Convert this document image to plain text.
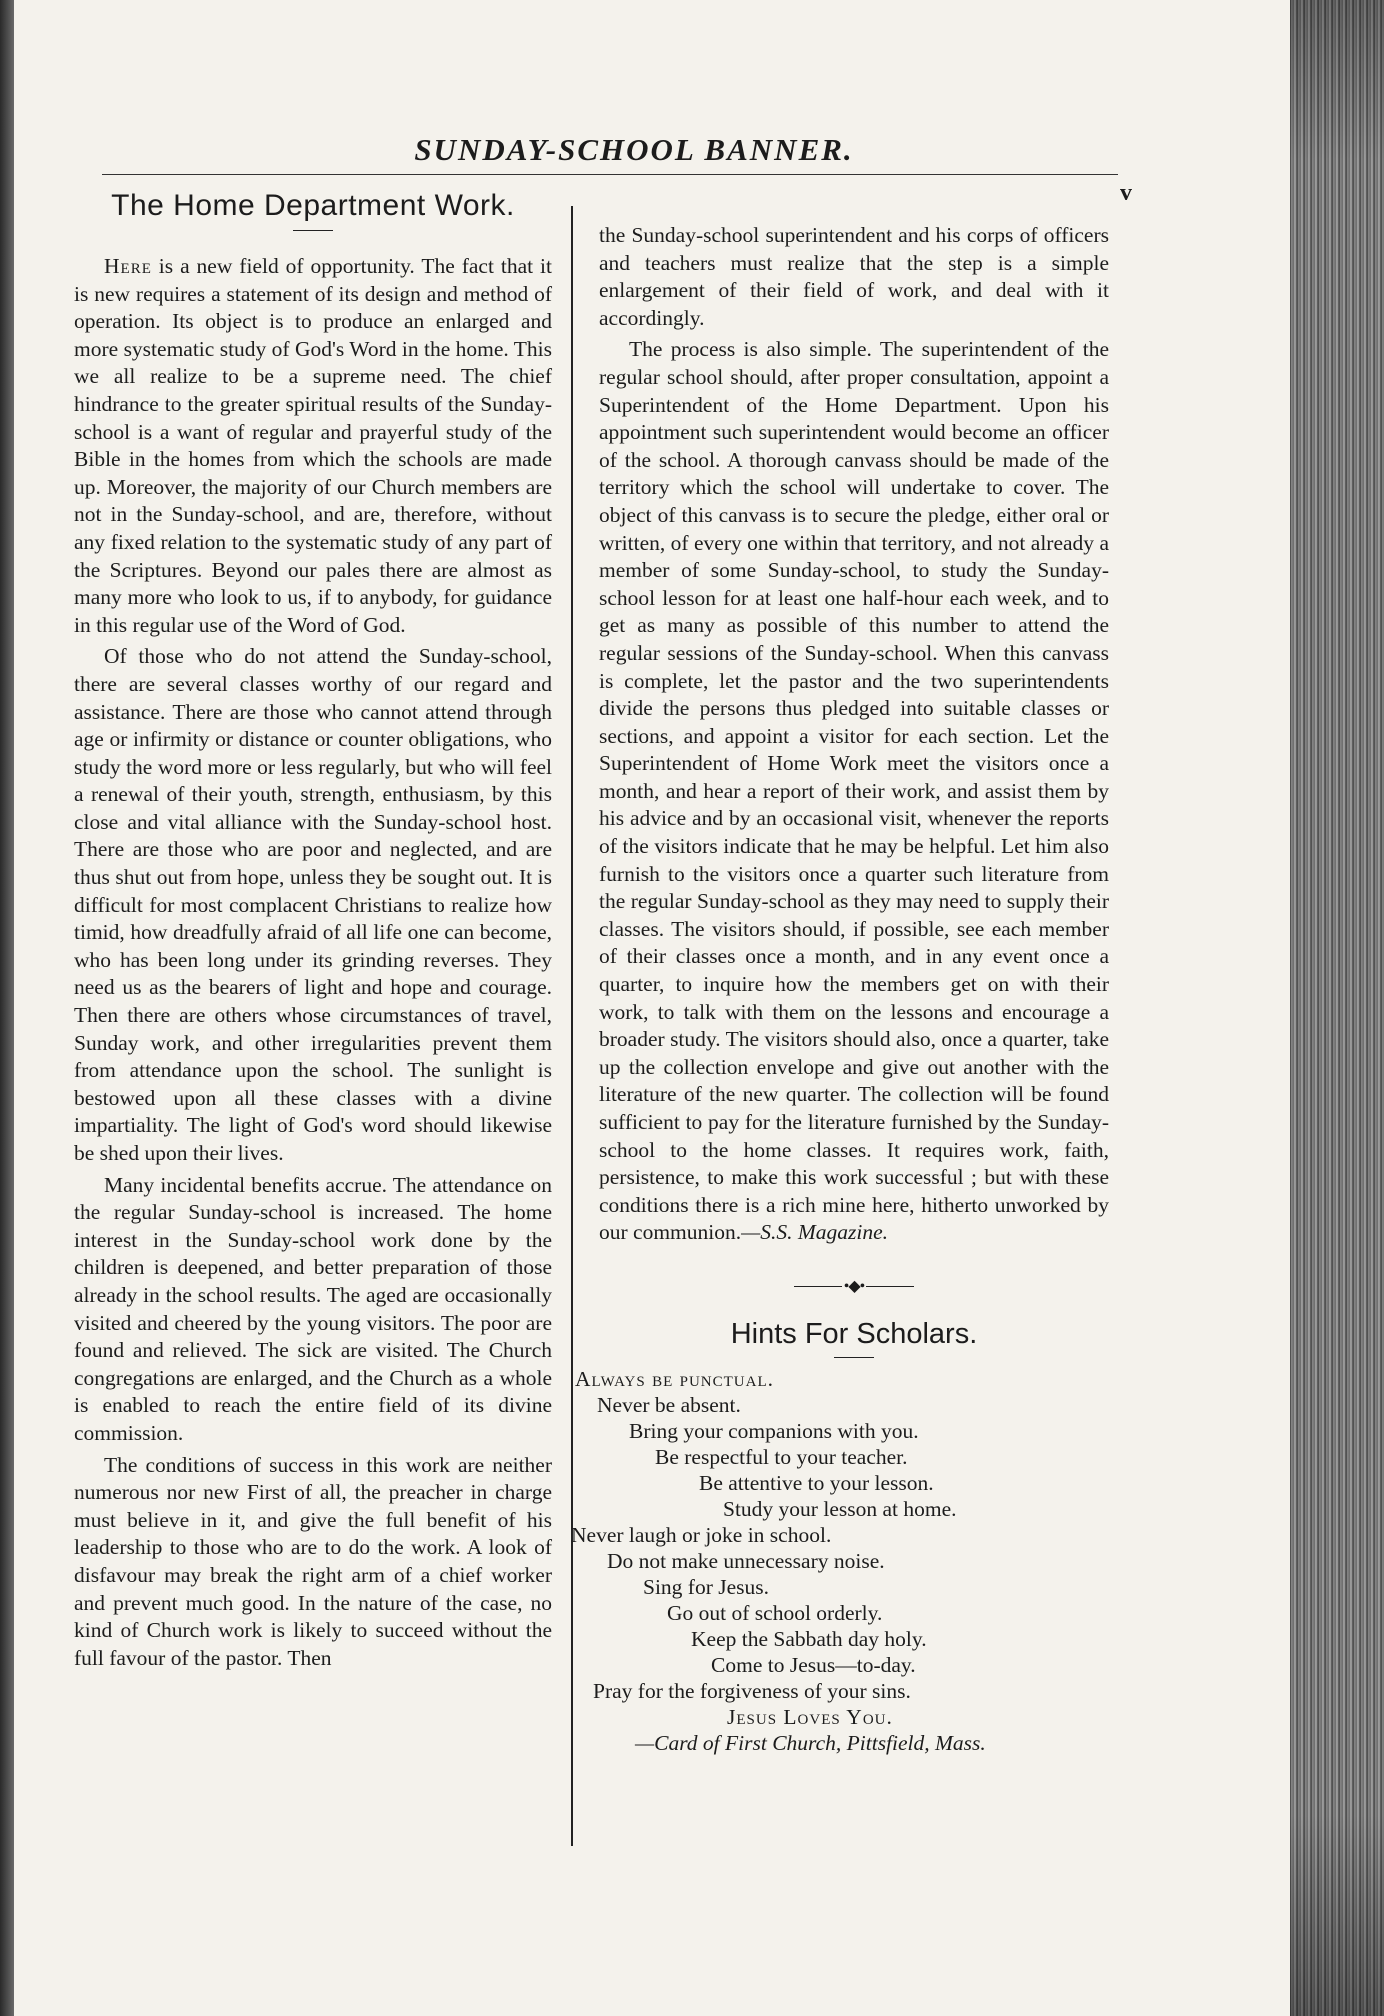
SUNDAY-SCHOOL BANNER.
v
The Home Department Work.

Here is a new field of opportunity. The fact that it is new requires a statement of its design and method of operation. Its object is to produce an enlarged and more systematic study of God's Word in the home. This we all realize to be a supreme need. The chief hindrance to the greater spiritual results of the Sunday-school is a want of regular and prayerful study of the Bible in the homes from which the schools are made up. Moreover, the majority of our Church members are not in the Sunday-school, and are, therefore, without any fixed relation to the systematic study of any part of the Scriptures. Beyond our pales there are almost as many more who look to us, if to anybody, for guidance in this regular use of the Word of God.

Of those who do not attend the Sunday-school, there are several classes worthy of our regard and assistance. There are those who cannot attend through age or infirmity or distance or counter obligations, who study the word more or less regularly, but who will feel a renewal of their youth, strength, enthusiasm, by this close and vital alliance with the Sunday-school host. There are those who are poor and neglected, and are thus shut out from hope, unless they be sought out. It is difficult for most complacent Christians to realize how timid, how dreadfully afraid of all life one can become, who has been long under its grinding reverses. They need us as the bearers of light and hope and courage. Then there are others whose circumstances of travel, Sunday work, and other irregularities prevent them from attendance upon the school. The sunlight is bestowed upon all these classes with a divine impartiality. The light of God's word should likewise be shed upon their lives.

Many incidental benefits accrue. The attendance on the regular Sunday-school is increased. The home interest in the Sunday-school work done by the children is deepened, and better preparation of those already in the school results. The aged are occasionally visited and cheered by the young visitors. The poor are found and relieved. The sick are visited. The Church congregations are enlarged, and the Church as a whole is enabled to reach the entire field of its divine commission.

The conditions of success in this work are neither numerous nor new First of all, the preacher in charge must believe in it, and give the full benefit of his leadership to those who are to do the work. A look of disfavour may break the right arm of a chief worker and prevent much good. In the nature of the case, no kind of Church work is likely to succeed without the full favour of the pastor. Then

the Sunday-school superintendent and his corps of officers and teachers must realize that the step is a simple enlargement of their field of work, and deal with it accordingly.

The process is also simple. The superintendent of the regular school should, after proper consultation, appoint a Superintendent of the Home Department. Upon his appointment such superintendent would become an officer of the school. A thorough canvass should be made of the territory which the school will undertake to cover. The object of this canvass is to secure the pledge, either oral or written, of every one within that territory, and not already a member of some Sunday-school, to study the Sunday-school lesson for at least one half-hour each week, and to get as many as possible of this number to attend the regular sessions of the Sunday-school. When this canvass is complete, let the pastor and the two superintendents divide the persons thus pledged into suitable classes or sections, and appoint a visitor for each section. Let the Superintendent of Home Work meet the visitors once a month, and hear a report of their work, and assist them by his advice and by an occasional visit, whenever the reports of the visitors indicate that he may be helpful. Let him also furnish to the visitors once a quarter such literature from the regular Sunday-school as they may need to supply their classes. The visitors should, if possible, see each member of their classes once a month, and in any event once a quarter, to inquire how the members get on with their work, to talk with them on the lessons and encourage a broader study. The visitors should also, once a quarter, take up the collection envelope and give out another with the literature of the new quarter. The collection will be found sufficient to pay for the literature furnished by the Sunday-school to the home classes. It requires work, faith, persistence, to make this work successful ; but with these conditions there is a rich mine here, hitherto unworked by our communion.—S.S. Magazine.

•◆•
Hints For Scholars.
Always be punctual.
Never be absent.
Bring your companions with you.
Be respectful to your teacher.
Be attentive to your lesson.
Study your lesson at home.
Never laugh or joke in school.
Do not make unnecessary noise.
Sing for Jesus.
Go out of school orderly.
Keep the Sabbath day holy.
Come to Jesus—to-day.
Pray for the forgiveness of your sins.
Jesus Loves You.
—Card of First Church, Pittsfield, Mass.
